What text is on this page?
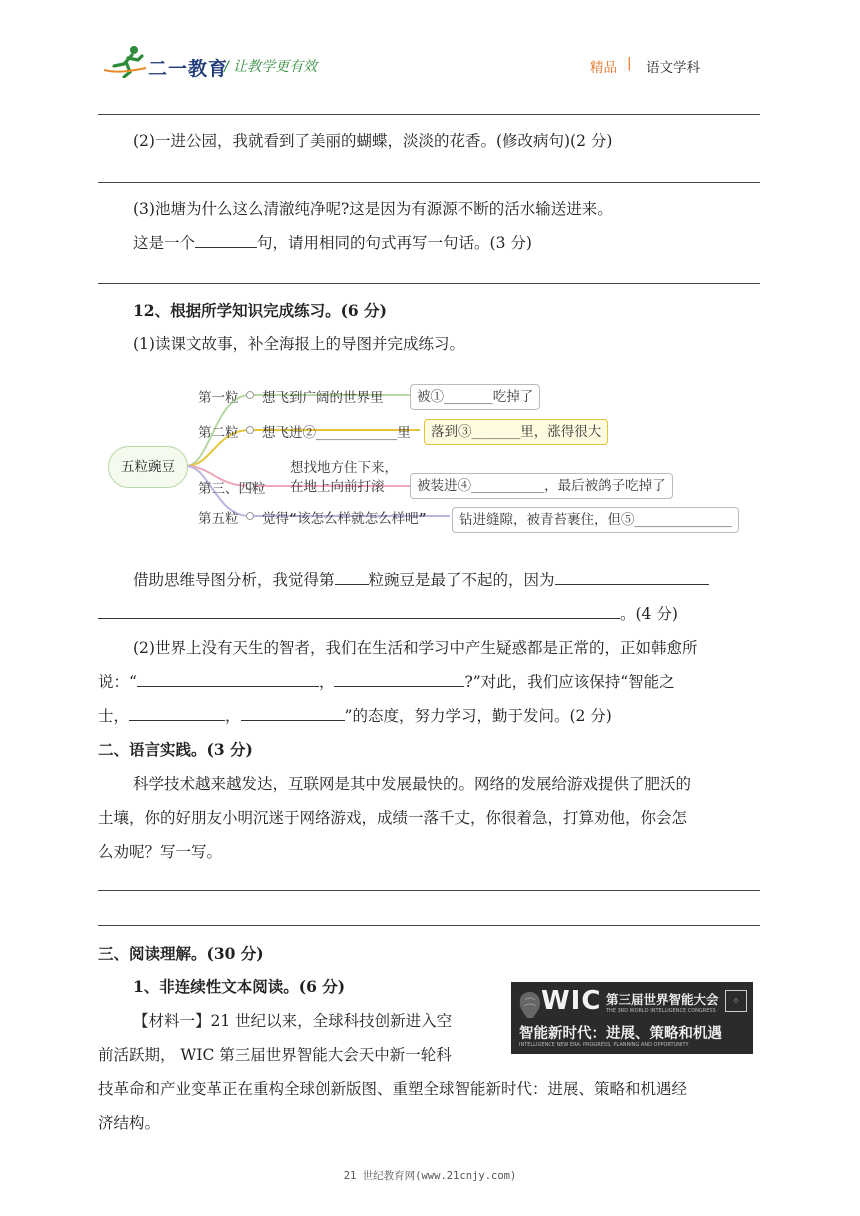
二一教育
/ 让教学更有效	精品 | 语文学科
(2)一进公园，我就看到了美丽的蝴蝶，淡淡的花香。(修改病句)(2 分)
(3)池塘为什么这么清澈纯净呢?这是因为有源源不断的活水输送进来。
这是一个	句，请用相同的句式再写一句话。(3 分)
12、根据所学知识完成练习。(6 分)
(1)读课文故事，补全海报上的导图并完成练习。
五粒豌豆
第一粒 想飞到广阔的世界里	被①______吃掉了
第二粒 想飞进②__________里	落到③______里，涨得很大
想找地方住下来，
第三、四粒 在地上向前打滚	被装进④_________，最后被鸽子吃掉了
第五粒 觉得“该怎么样就怎么样吧”	钻进缝隙，被青苔裹住，但⑤____________
借助思维导图分析，我觉得第 粒豌豆是最了不起的，因为
。(4 分)
(2)世界上没有天生的智者，我们在生活和学习中产生疑惑都是正常的，正如韩愈所
说：“	，	?”对此，我们应该保持“智能之
士，	，	”的态度，努力学习，勤于发问。(2 分)
二、语言实践。(3 分)
科学技术越来越发达，互联网是其中发展最快的。网络的发展给游戏提供了肥沃的
土壤，你的好朋友小明沉迷于网络游戏，成绩一落千丈，你很着急，打算劝他，你会怎
么劝呢？写一写。
三、阅读理解。(30 分)
1、非连续性文本阅读。(6 分)
【材料一】21 世纪以来，全球科技创新进入空
前活跃期， WIC 第三届世界智能大会天中新一轮科
技革命和产业变革正在重构全球创新版图、重塑全球智能新时代：进展、策略和机遇经
济结构。
WIC 第三届世界智能大会
THE 3RD WORLD INTELLIGENCE CONGRESS
◇
智能新时代：进展、策略和机遇
INTELLIGENCE NEW ERA: PROGRESS, PLANNING AND OPPORTUNITY
21 世纪教育网(www.21cnjy.com)
